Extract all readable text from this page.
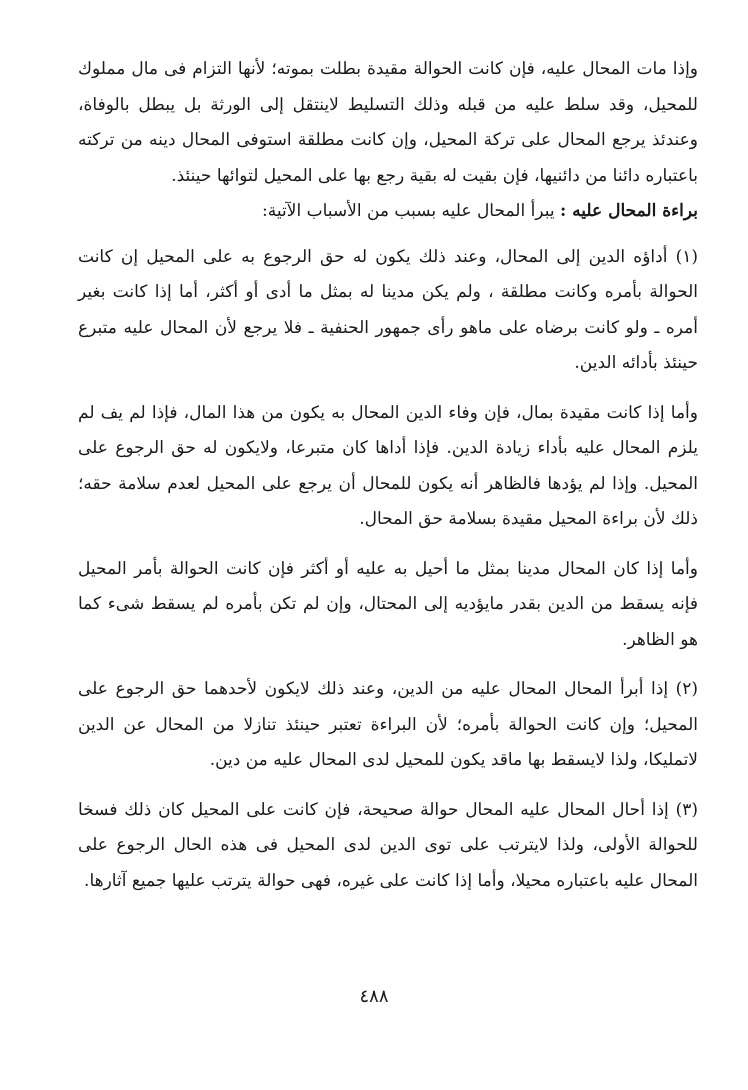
وإذا مات المحال عليه، فإن كانت الحوالة مقيدة بطلت بموته؛ لأنها التزام فى مال مملوك للمحيل، وقد سلط عليه من قبله وذلك التسليط لاينتقل إلى الورثة بل يبطل بالوفاة، وعندئذ يرجع المحال على تركة المحيل، وإن كانت مطلقة استوفى المحال دينه من تركته باعتباره دائنا من دائنيها، فإن بقيت له بقية رجع بها على المحيل لتوائها حينئذ.

براءة المحال عليه : يبرأ المحال عليه بسبب من الأسباب الآتية:

(١) أداؤه الدين إلى المحال، وعند ذلك يكون له حق الرجوع به على المحيل إن كانت الحوالة بأمره وكانت مطلقة ، ولم يكن مدينا له بمثل ما أدى أو أكثر، أما إذا كانت بغير أمره ـ ولو كانت برضاه على ماهو رأى جمهور الحنفية ـ فلا يرجع لأن المحال عليه متبرع حينئذ بأدائه الدين.

وأما إذا كانت مقيدة بمال، فإن وفاء الدين المحال به يكون من هذا المال، فإذا لم يف لم يلزم المحال عليه بأداء زيادة الدين. فإذا أداها كان متبرعا، ولايكون له حق الرجوع على المحيل. وإذا لم يؤدها فالظاهر أنه يكون للمحال أن يرجع على المحيل لعدم سلامة حقه؛ ذلك لأن براءة المحيل مقيدة بسلامة حق المحال.

وأما إذا كان المحال مدينا بمثل ما أحيل به عليه أو أكثر فإن كانت الحوالة بأمر المحيل فإنه يسقط من الدين بقدر مايؤديه إلى المحتال، وإن لم تكن بأمره لم يسقط شىء كما هو الظاهر.

(٢) إذا أبرأ المحال المحال عليه من الدين، وعند ذلك لايكون لأحدهما حق الرجوع على المحيل؛ وإن كانت الحوالة بأمره؛ لأن البراءة تعتبر حينئذ تنازلا من المحال عن الدين لاتمليكا، ولذا لايسقط بها ماقد يكون للمحيل لدى المحال عليه من دين.

(٣) إذا أحال المحال عليه المحال حوالة صحيحة، فإن كانت على المحيل كان ذلك فسخا للحوالة الأولى، ولذا لايترتب على توى الدين لدى المحيل فى هذه الحال الرجوع على المحال عليه باعتباره محيلا، وأما إذا كانت على غيره، فهى حوالة يترتب عليها جميع آثارها.

٤٨٨
